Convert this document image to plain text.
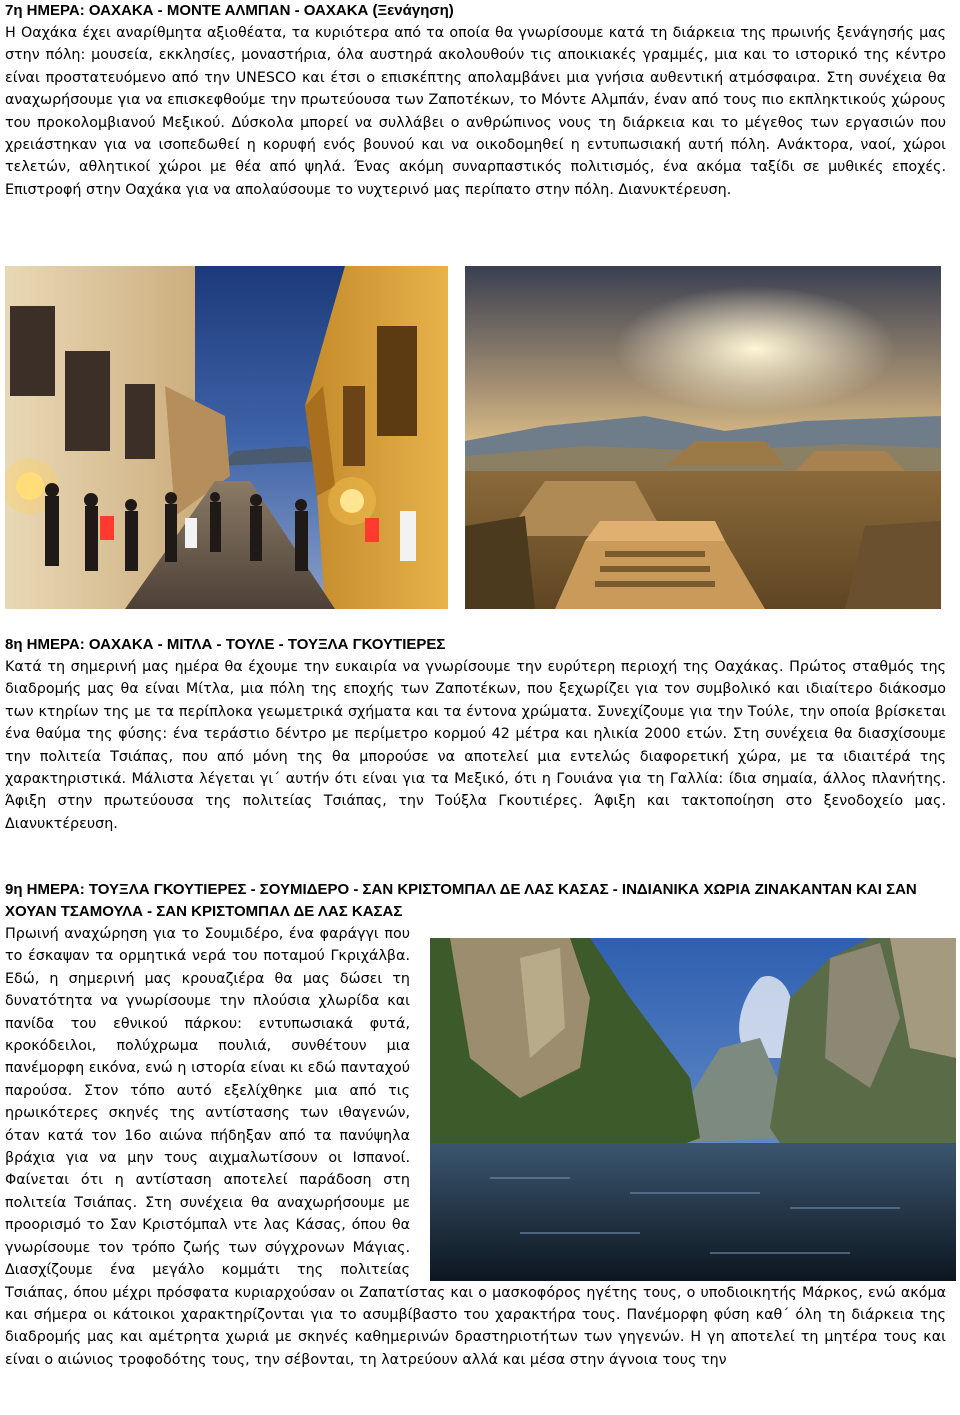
7η ΗΜΕΡΑ: ΟΑΧΑΚΑ - ΜΟΝΤΕ ΑΛΜΠΑΝ - ΟΑΧΑΚΑ (Ξενάγηση)

Η Οαχάκα έχει αναρίθμητα αξιοθέατα, τα κυριότερα από τα οποία θα γνωρίσουμε κατά τη διάρκεια της πρωινής ξενάγησής μας στην πόλη: μουσεία, εκκλησίες, μοναστήρια, όλα αυστηρά ακολουθούν τις αποικιακές γραμμές, μια και το ιστορικό της κέντρο είναι προστατευόμενο από την UNESCO και έτσι ο επισκέπτης απολαμβάνει μια γνήσια αυθεντική ατμόσφαιρα. Στη συνέχεια θα αναχωρήσουμε για να επισκεφθούμε την πρωτεύουσα των Ζαποτέκων, το Μόντε Αλμπάν, έναν από τους πιο εκπληκτικούς χώρους του προκολομβιανού Μεξικού. Δύσκολα μπορεί να συλλάβει ο ανθρώπινος νους τη διάρκεια και το μέγεθος των εργασιών που χρειάστηκαν για να ισοπεδωθεί η κορυφή ενός βουνού και να οικοδομηθεί η εντυπωσιακή αυτή πόλη. Ανάκτορα, ναοί, χώροι τελετών, αθλητικοί χώροι με θέα από ψηλά. Ένας ακόμη συναρπαστικός πολιτισμός, ένα ακόμα ταξίδι σε μυθικές εποχές. Επιστροφή στην Οαχάκα για να απολαύσουμε το νυχτερινό μας περίπατο στην πόλη. Διανυκτέρευση.

8η ΗΜΕΡΑ: ΟΑΧΑΚΑ - ΜΙΤΛΑ - ΤΟΥΛΕ - ΤΟΥΞΛΑ ΓΚΟΥΤΙΕΡΕΣ

Κατά τη σημερινή μας ημέρα θα έχουμε την ευκαιρία να γνωρίσουμε την ευρύτερη περιοχή της Οαχάκας. Πρώτος σταθμός της διαδρομής μας θα είναι Μίτλα, μια πόλη της εποχής των Ζαποτέκων, που ξεχωρίζει για τον συμβολικό και ιδιαίτερο διάκοσμο των κτηρίων της με τα περίπλοκα γεωμετρικά σχήματα και τα έντονα χρώματα. Συνεχίζουμε για την Τούλε, την οποία βρίσκεται ένα θαύμα της φύσης: ένα τεράστιο δέντρο με περίμετρο κορμού 42 μέτρα και ηλικία 2000 ετών. Στη συνέχεια θα διασχίσουμε την πολιτεία Τσιάπας, που από μόνη της θα μπορούσε να αποτελεί μια εντελώς διαφορετική χώρα, με τα ιδιαιτέρά της χαρακτηριστικά. Μάλιστα λέγεται γι΄ αυτήν ότι είναι για τα Μεξικό, ότι η Γουιάνα για τη Γαλλία: ίδια σημαία, άλλος πλανήτης. Άφιξη στην πρωτεύουσα της πολιτείας Τσιάπας, την Τούξλα Γκουτιέρες. Άφιξη και τακτοποίηση στο ξενοδοχείο μας. Διανυκτέρευση.

9η ΗΜΕΡΑ: ΤΟΥΞΛΑ ΓΚΟΥΤΙΕΡΕΣ - ΣΟΥΜΙΔΕΡΟ - ΣΑΝ ΚΡΙΣΤΟΜΠΑΛ ΔΕ ΛΑΣ ΚΑΣΑΣ - ΙΝΔΙΑΝΙΚΑ ΧΩΡΙΑ ΖΙΝΑΚΑΝΤΑΝ ΚΑΙ ΣΑΝ ΧΟΥΑΝ ΤΣΑΜΟΥΛΑ - ΣΑΝ ΚΡΙΣΤΟΜΠΑΛ ΔΕ ΛΑΣ ΚΑΣΑΣ

Πρωινή αναχώρηση για το Σουμιδέρο, ένα φαράγγι που το έσκαψαν τα ορμητικά νερά του ποταμού Γκριχάλβα. Εδώ, η σημερινή μας κρουαζιέρα θα μας δώσει τη δυνατότητα να γνωρίσουμε την πλούσια χλωρίδα και πανίδα του εθνικού πάρκου: εντυπωσιακά φυτά, κροκόδειλοι, πολύχρωμα πουλιά, συνθέτουν μια πανέμορφη εικόνα, ενώ η ιστορία είναι κι εδώ πανταχού παρούσα. Στον τόπο αυτό εξελίχθηκε μια από τις ηρωικότερες σκηνές της αντίστασης των ιθαγενών, όταν κατά τον 16ο αιώνα πήδηξαν από τα πανύψηλα βράχια για να μην τους αιχμαλωτίσουν οι Ισπανοί. Φαίνεται ότι η αντίσταση αποτελεί παράδοση στη πολιτεία Τσιάπας. Στη συνέχεια θα αναχωρήσουμε με προορισμό το Σαν Κριστόμπαλ ντε λας Κάσας, όπου θα γνωρίσουμε τον τρόπο ζωής των σύγχρονων Μάγιας. Διασχίζουμε ένα μεγάλο κομμάτι της πολιτείας Τσιάπας, όπου μέχρι πρόσφατα κυριαρχούσαν οι Ζαπατίστας και ο μασκοφόρος ηγέτης τους, ο υποδιοικητής Μάρκος, ενώ ακόμα και σήμερα οι κάτοικοι χαρακτηρίζονται για το ασυμβίβαστο του χαρακτήρα τους. Πανέμορφη φύση καθ΄ όλη τη διάρκεια της διαδρομής μας και αμέτρητα χωριά με σκηνές καθημερινών δραστηριοτήτων των γηγενών. Η γη αποτελεί τη μητέρα τους και είναι ο αιώνιος τροφοδότης τους, την σέβονται, τη λατρεύουν αλλά και μέσα στην άγνοια τους την
